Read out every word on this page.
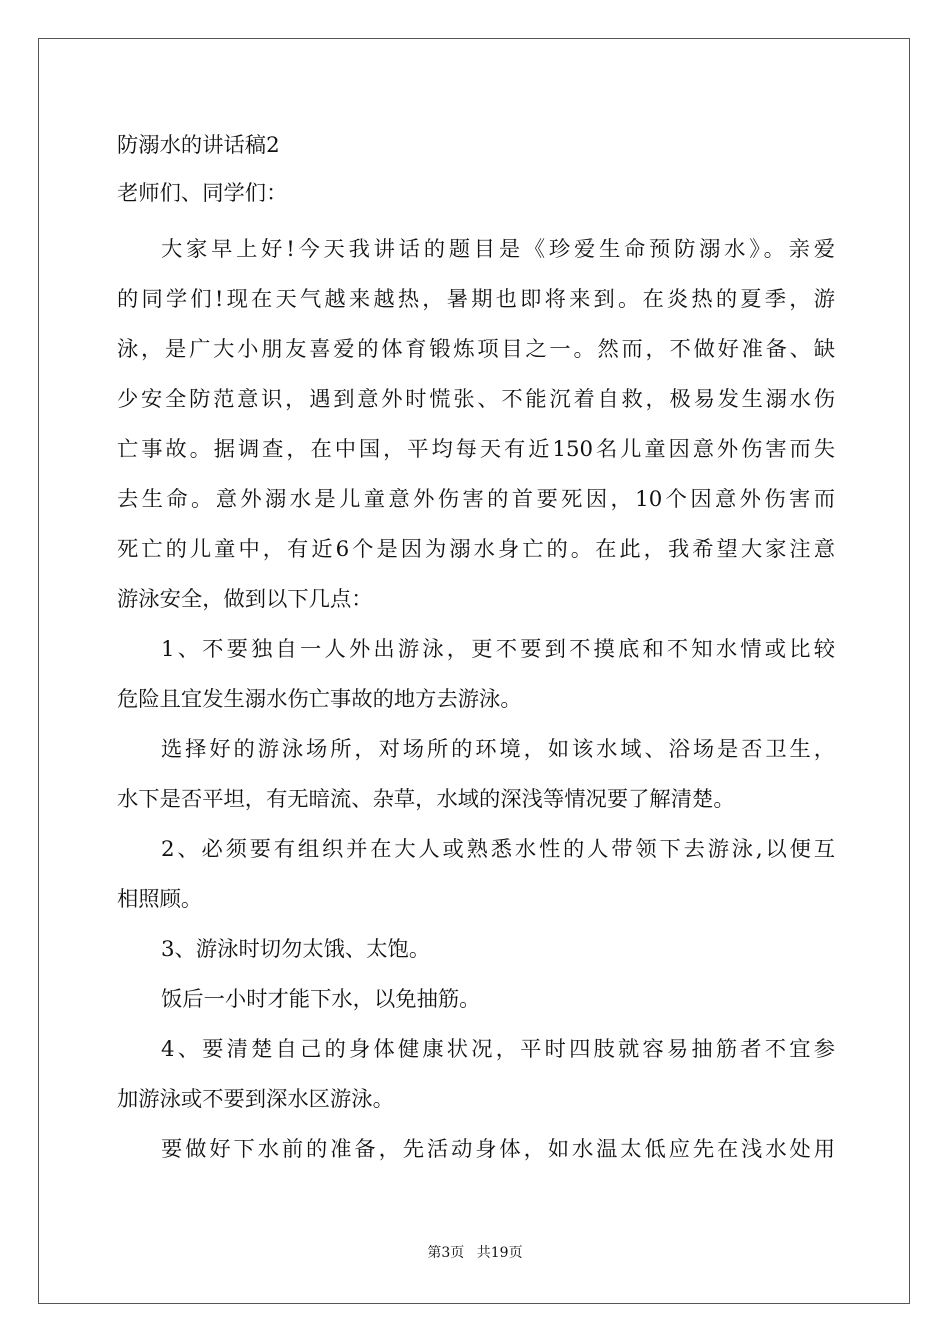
防溺水的讲话稿2
老师们、同学们：
大家早上好!今天我讲话的题目是《珍爱生命预防溺水》。亲爱
的同学们!现在天气越来越热，暑期也即将来到。在炎热的夏季，游
泳，是广大小朋友喜爱的体育锻炼项目之一。然而，不做好准备、缺
少安全防范意识，遇到意外时慌张、不能沉着自救，极易发生溺水伤
亡事故。据调查，在中国，平均每天有近150名儿童因意外伤害而失
去生命。意外溺水是儿童意外伤害的首要死因，10个因意外伤害而
死亡的儿童中，有近6个是因为溺水身亡的。在此，我希望大家注意
游泳安全，做到以下几点：
1、不要独自一人外出游泳，更不要到不摸底和不知水情或比较
危险且宜发生溺水伤亡事故的地方去游泳。
选择好的游泳场所，对场所的环境，如该水域、浴场是否卫生，
水下是否平坦，有无暗流、杂草，水域的深浅等情况要了解清楚。
2、必须要有组织并在大人或熟悉水性的人带领下去游泳,以便互
相照顾。
3、游泳时切勿太饿、太饱。
饭后一小时才能下水，以免抽筋。
4、要清楚自己的身体健康状况，平时四肢就容易抽筋者不宜参
加游泳或不要到深水区游泳。
要做好下水前的准备，先活动身体，如水温太低应先在浅水处用
第3页 共19页
